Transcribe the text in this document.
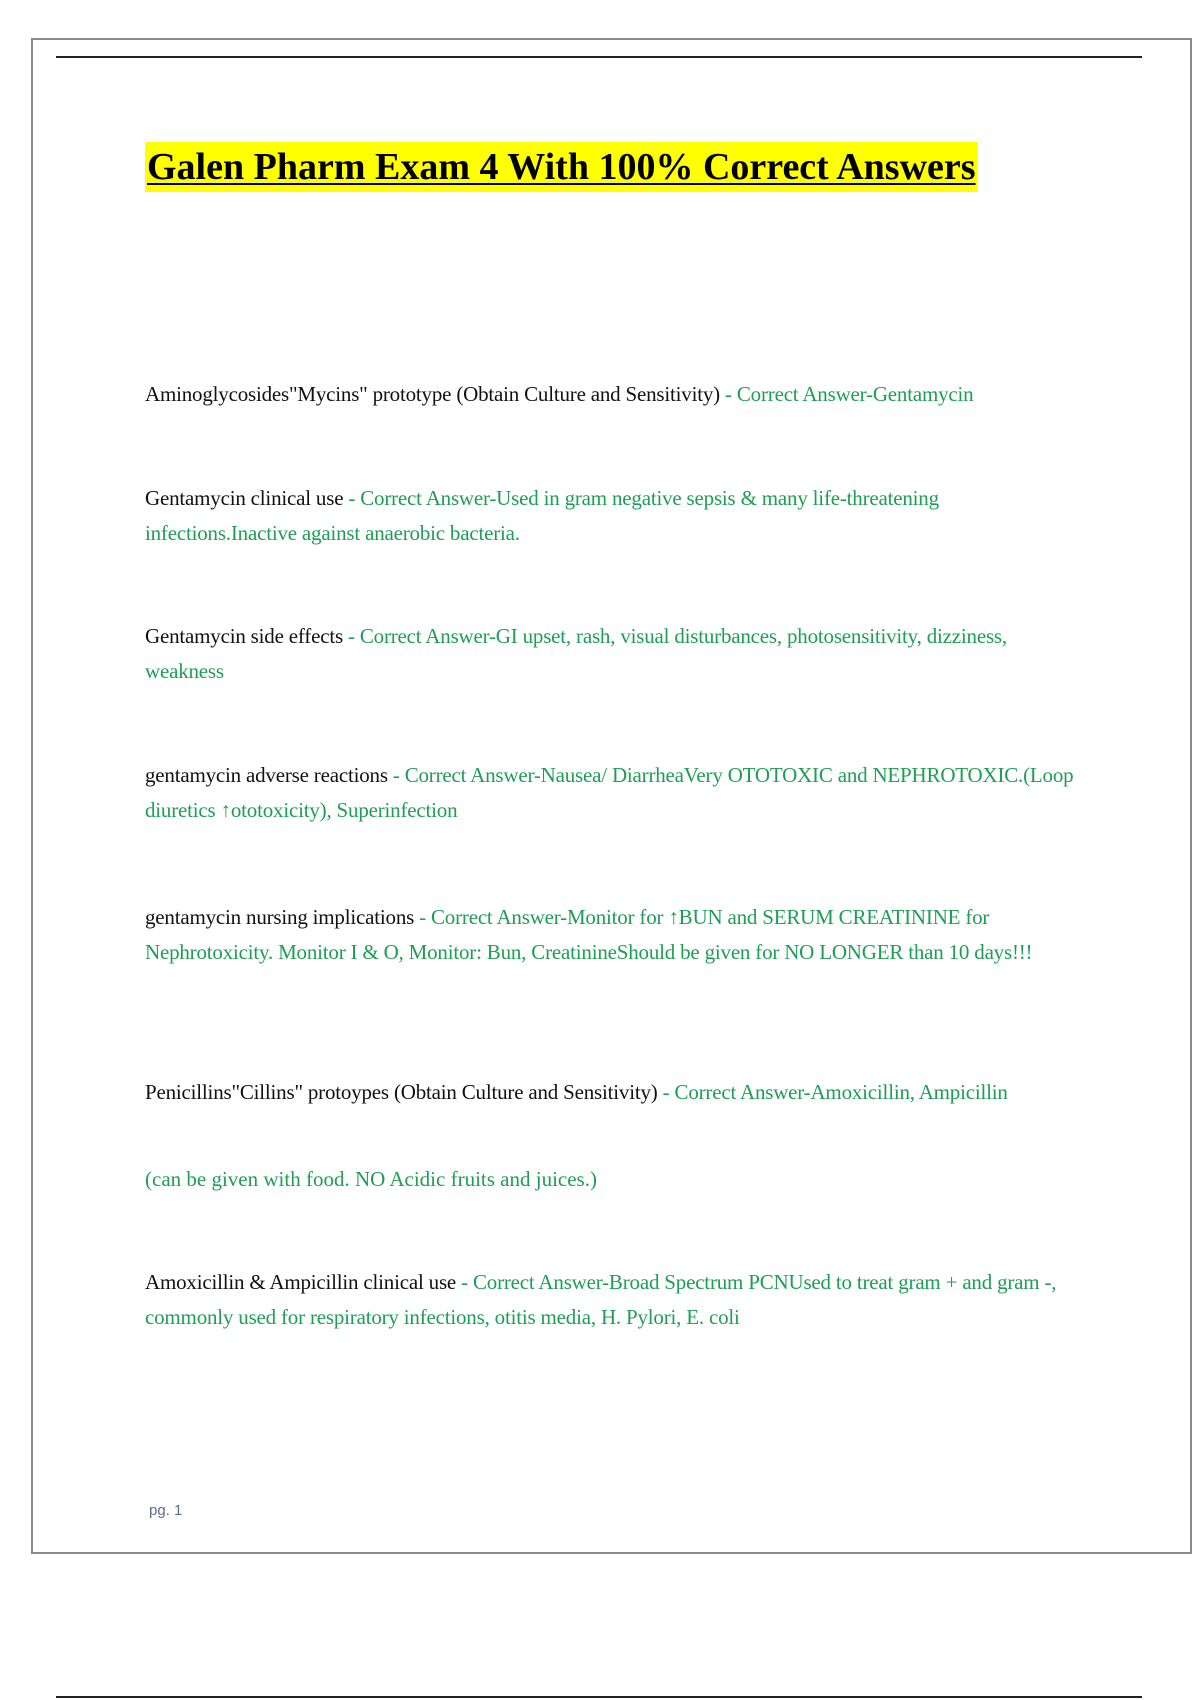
Galen Pharm Exam 4 With 100% Correct Answers
Aminoglycosides"Mycins" prototype (Obtain Culture and Sensitivity) - Correct Answer-Gentamycin
Gentamycin clinical use - Correct Answer-Used in gram negative sepsis & many life-threatening infections.Inactive against anaerobic bacteria.
Gentamycin side effects - Correct Answer-GI upset, rash, visual disturbances, photosensitivity, dizziness, weakness
gentamycin adverse reactions - Correct Answer-Nausea/ DiarrheaVery OTOTOXIC and NEPHROTOXIC.(Loop diuretics ↑ototoxicity), Superinfection
gentamycin nursing implications - Correct Answer-Monitor for ↑BUN and SERUM CREATININE for Nephrotoxicity. Monitor I & O, Monitor: Bun, CreatinineShould be given for NO LONGER than 10 days!!!
Penicillins"Cillins" protoypes (Obtain Culture and Sensitivity) - Correct Answer-Amoxicillin, Ampicillin
(can be given with food. NO Acidic fruits and juices.)
Amoxicillin & Ampicillin clinical use - Correct Answer-Broad Spectrum PCNUsed to treat gram + and gram -, commonly used for respiratory infections, otitis media, H. Pylori, E. coli
pg. 1
